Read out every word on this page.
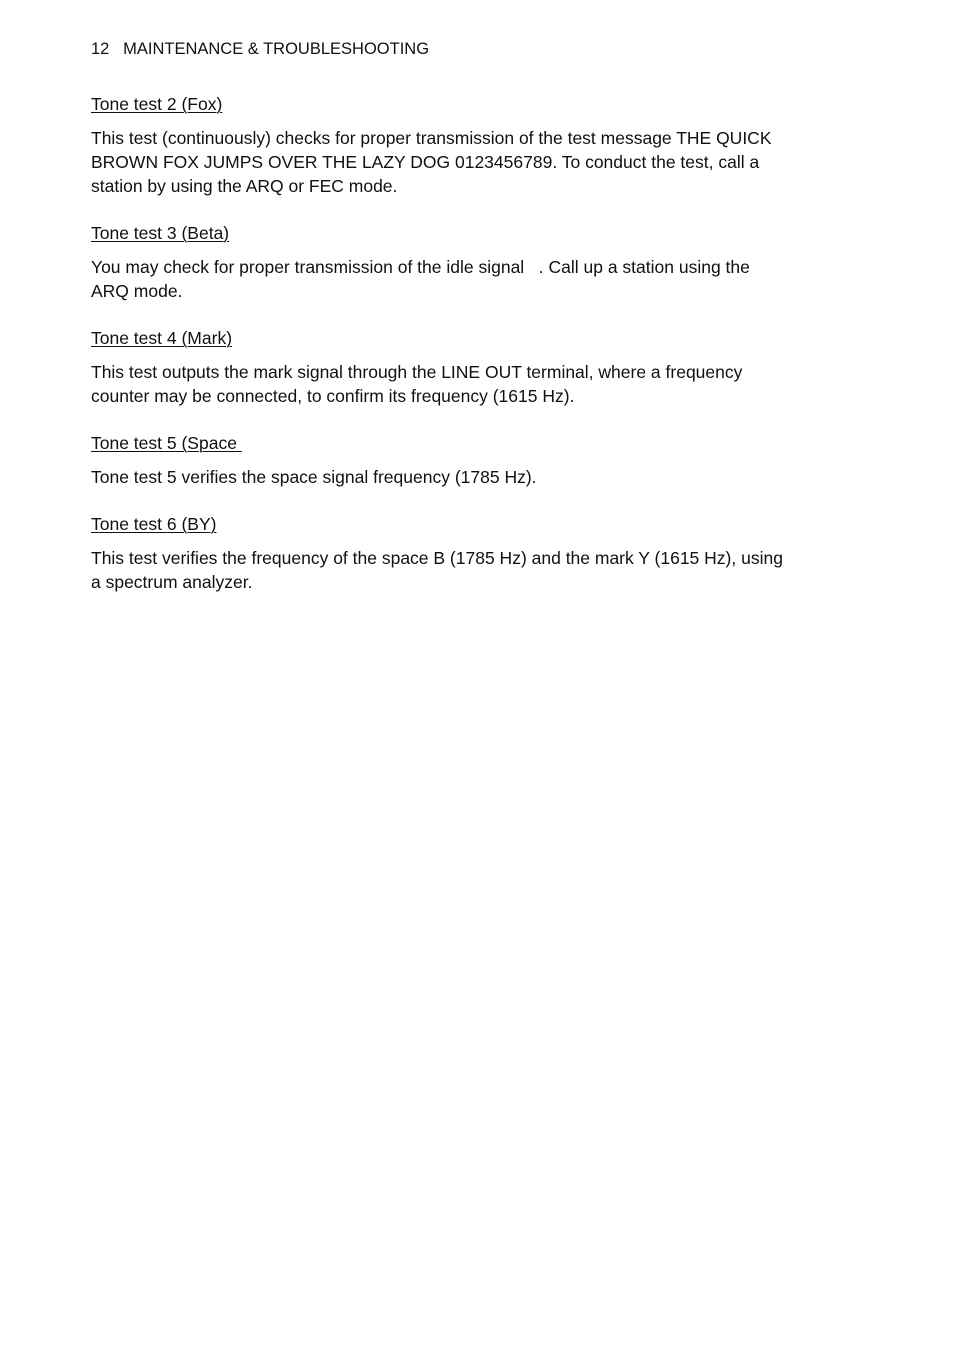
12 MAINTENANCE & TROUBLESHOOTING
Tone test 2 (Fox)
This test (continuously) checks for proper transmission of the test message THE QUICK
BROWN FOX JUMPS OVER THE LAZY DOG 0123456789. To conduct the test, call a
station by using the ARQ or FEC mode.
Tone test 3 (Beta)
You may check for proper transmission of the idle signal   . Call up a station using the
ARQ mode.
Tone test 4 (Mark)
This test outputs the mark signal through the LINE OUT terminal, where a frequency
counter may be connected, to confirm its frequency (1615 Hz).
Tone test 5 (Space
Tone test 5 verifies the space signal frequency (1785 Hz).
Tone test 6 (BY)
This test verifies the frequency of the space B (1785 Hz) and the mark Y (1615 Hz), using
a spectrum analyzer.
